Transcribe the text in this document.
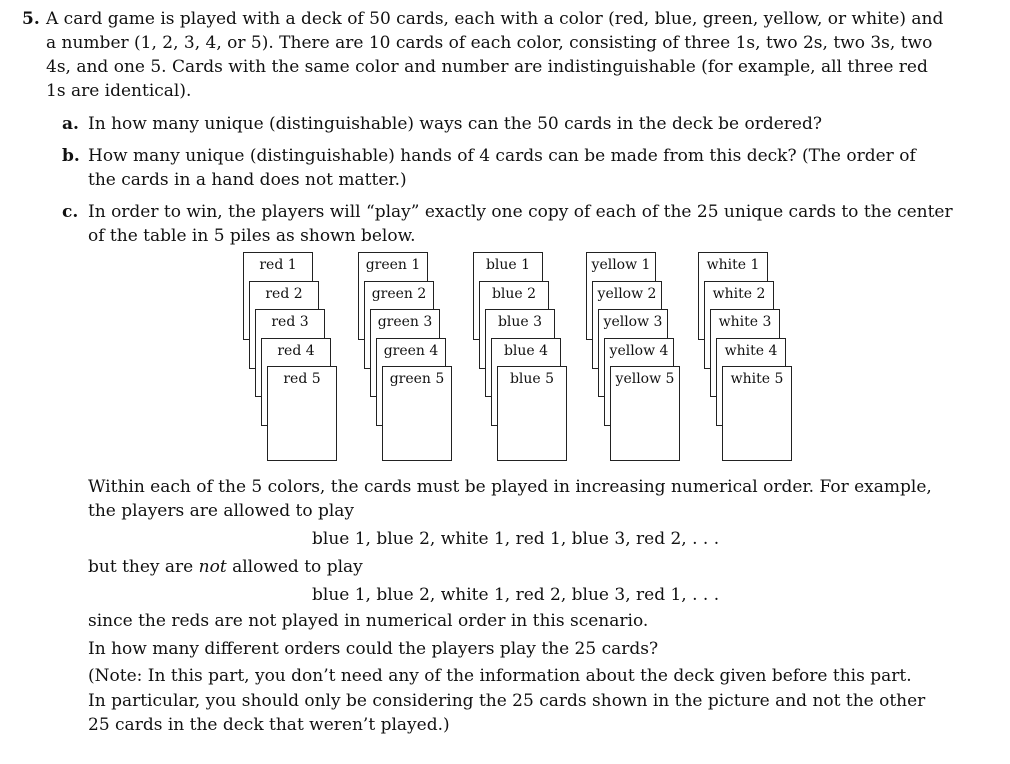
5. A card game is played with a deck of 50 cards, each with a color (red, blue, green, yellow, or white) and
a number (1, 2, 3, 4, or 5). There are 10 cards of each color, consisting of three 1s, two 2s, two 3s, two
4s, and one 5. Cards with the same color and number are indistinguishable (for example, all three red
1s are identical).
a. In how many unique (distinguishable) ways can the 50 cards in the deck be ordered?
b. How many unique (distinguishable) hands of 4 cards can be made from this deck? (The order of
the cards in a hand does not matter.)
c. In order to win, the players will “play” exactly one copy of each of the 25 unique cards to the center
of the table in 5 piles as shown below.
red 1
red 2
red 3
red 4
red 5
green 1
green 2
green 3
green 4
green 5
blue 1
blue 2
blue 3
blue 4
blue 5
yellow 1
yellow 2
yellow 3
yellow 4
yellow 5
white 1
white 2
white 3
white 4
white 5
Within each of the 5 colors, the cards must be played in increasing numerical order. For example,
the players are allowed to play
blue 1, blue 2, white 1, red 1, blue 3, red 2, . . .
but they are not allowed to play
blue 1, blue 2, white 1, red 2, blue 3, red 1, . . .
since the reds are not played in numerical order in this scenario.
In how many different orders could the players play the 25 cards?
(Note: In this part, you don’t need any of the information about the deck given before this part.
In particular, you should only be considering the 25 cards shown in the picture and not the other
25 cards in the deck that weren’t played.)
